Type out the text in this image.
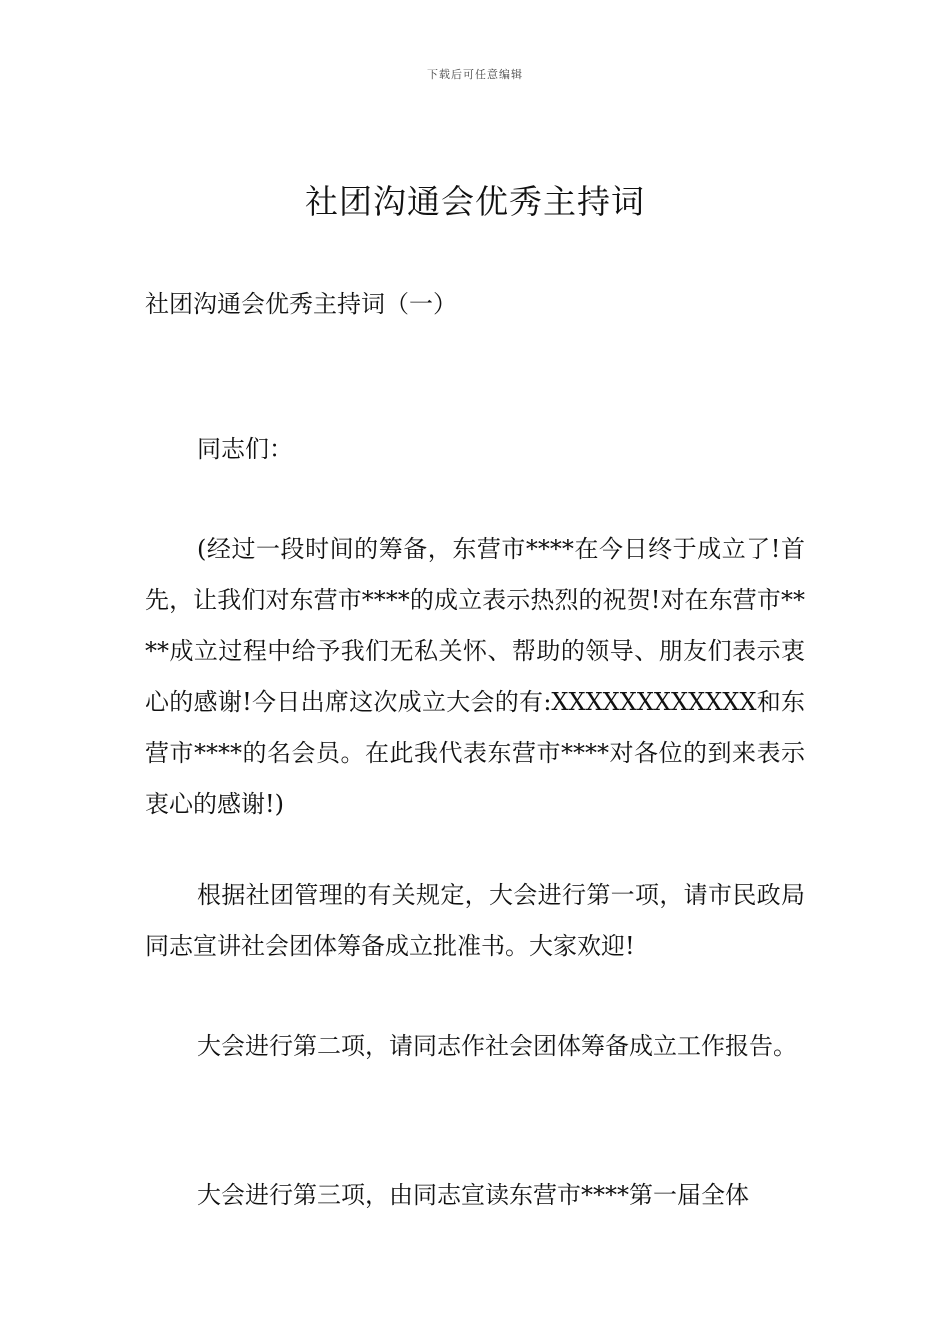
下载后可任意编辑
社团沟通会优秀主持词
社团沟通会优秀主持词（一）

同志们：

(经过一段时间的筹备，东营市****在今日终于成立了!首先，让我们对东营市****的成立表示热烈的祝贺!对在东营市****成立过程中给予我们无私关怀、帮助的领导、朋友们表示衷心的感谢!今日出席这次成立大会的有:XXXXXXXXXXXX和东营市****的名会员。在此我代表东营市****对各位的到来表示衷心的感谢!)

根据社团管理的有关规定，大会进行第一项，请市民政局同志宣讲社会团体筹备成立批准书。大家欢迎!

大会进行第二项，请同志作社会团体筹备成立工作报告。

大会进行第三项，由同志宣读东营市****第一届全体
